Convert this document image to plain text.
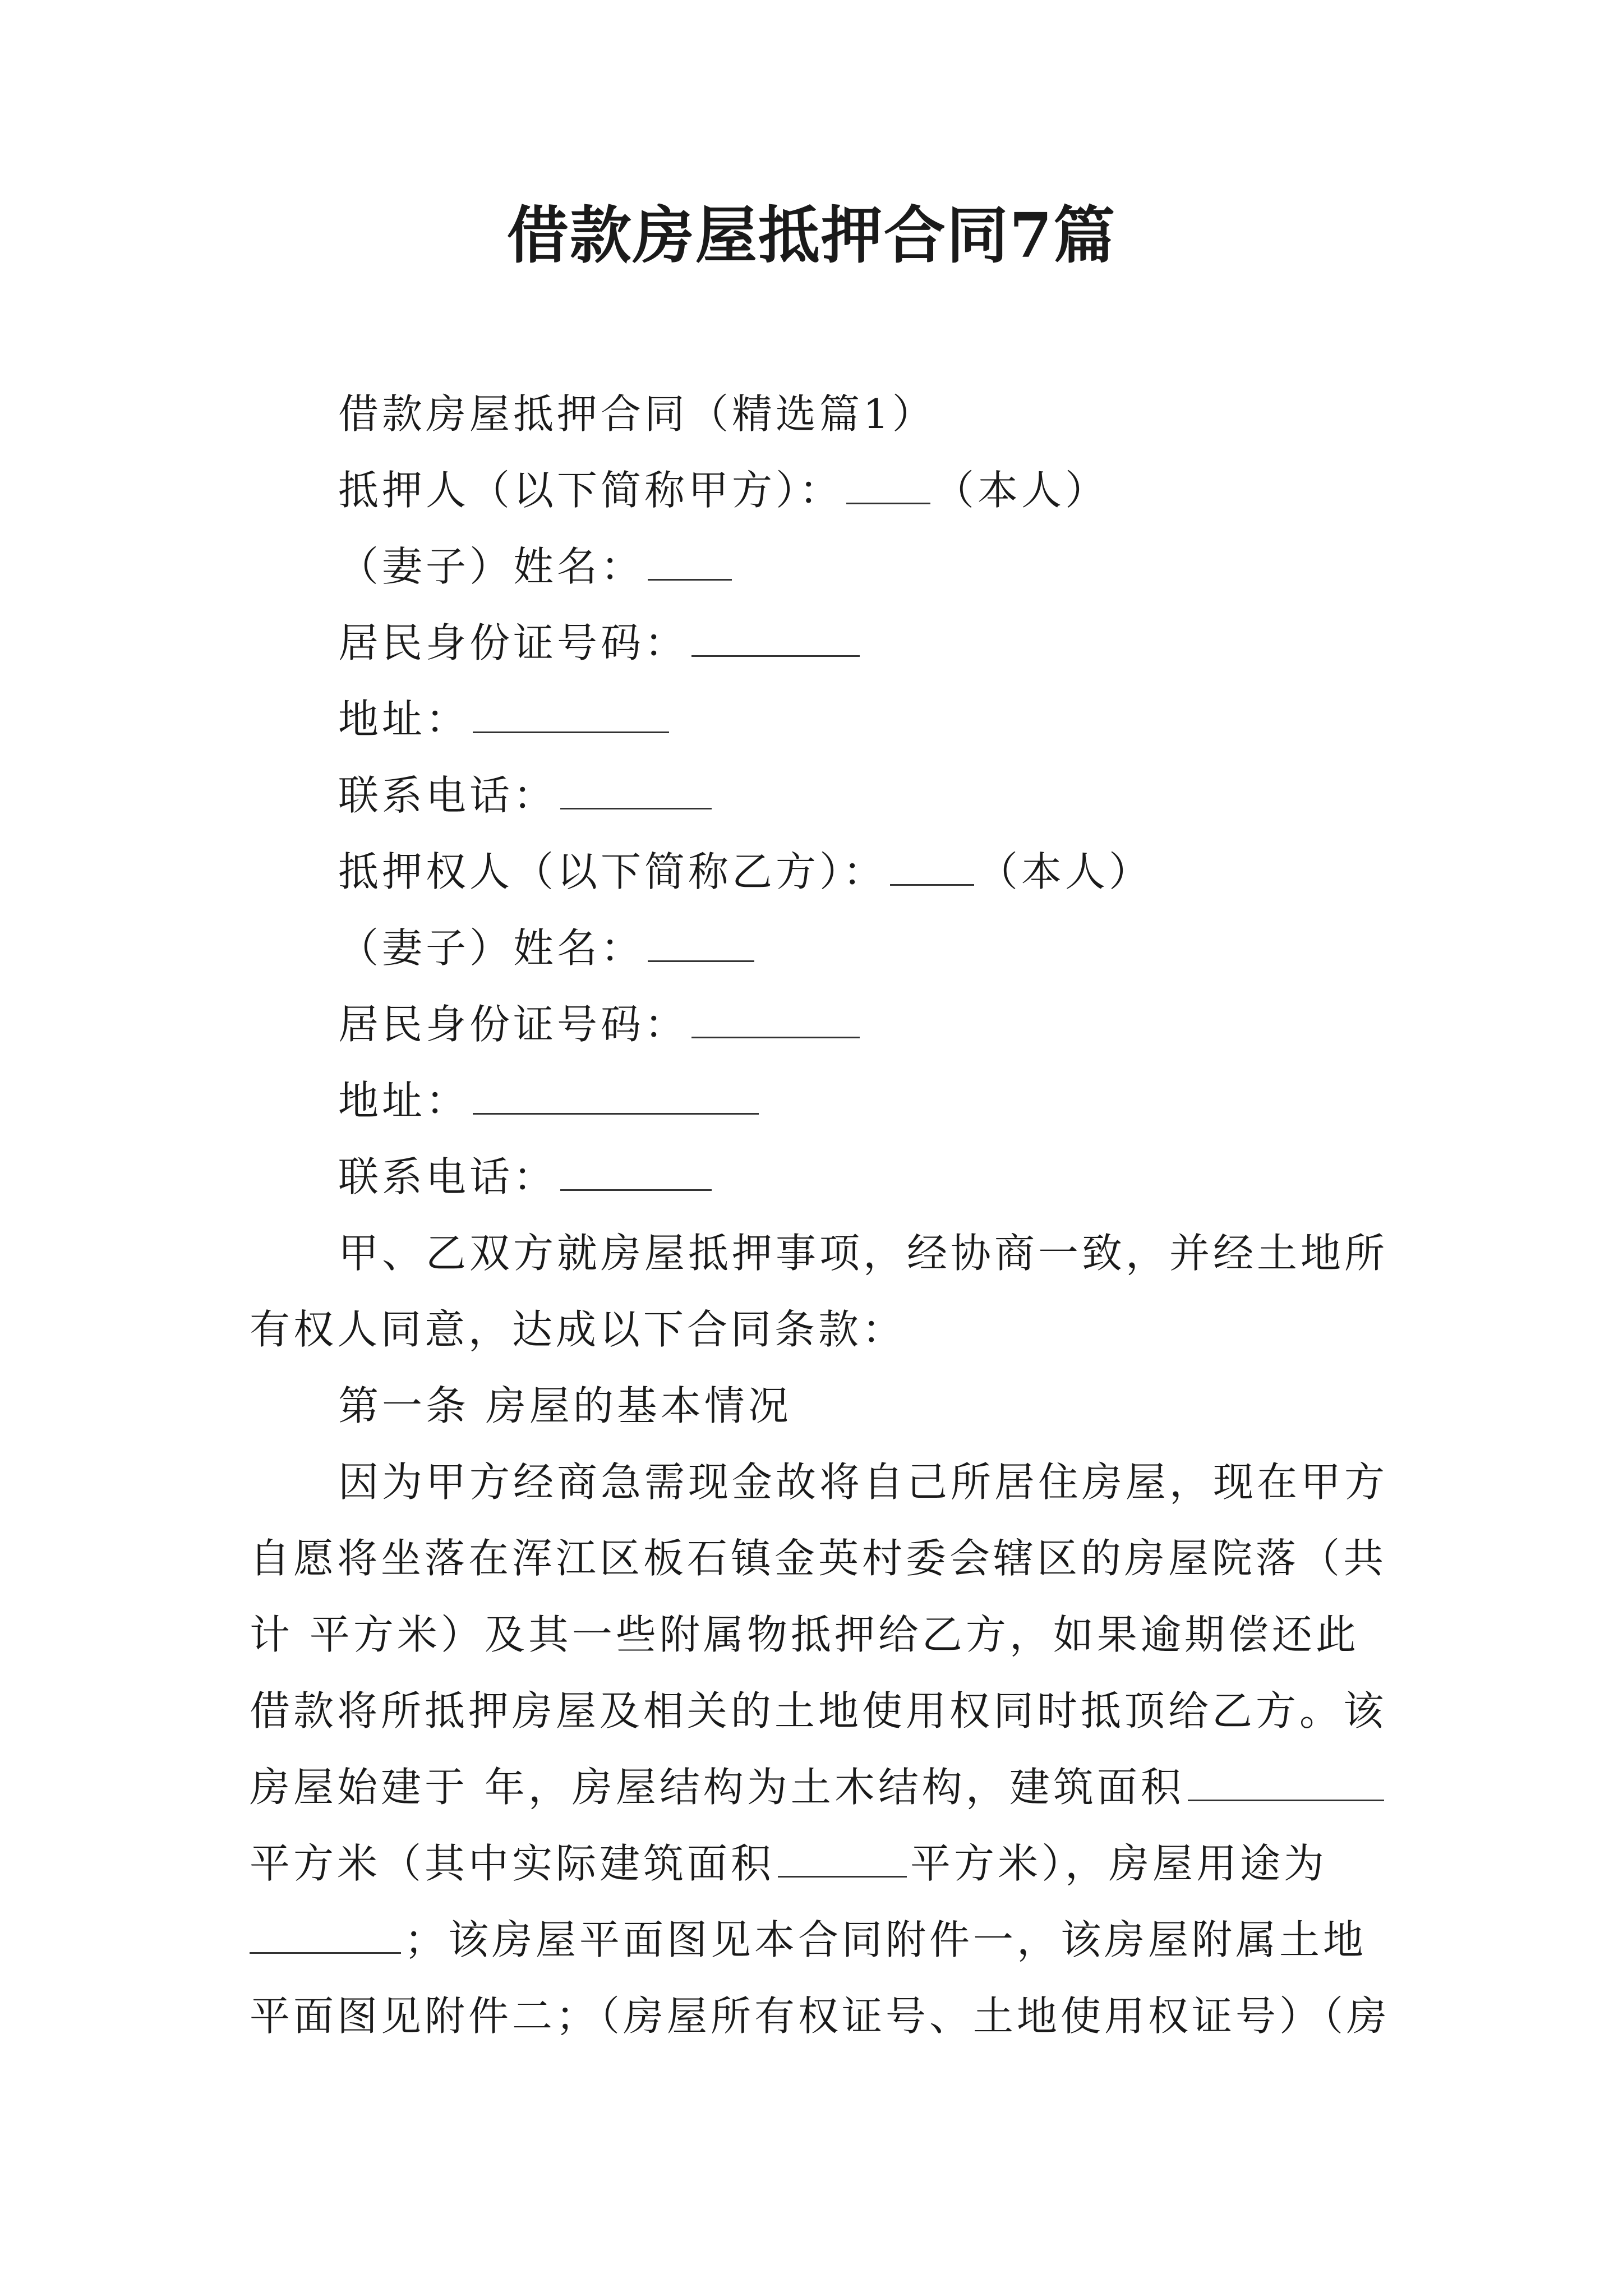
借款房屋抵押合同7篇

借款房屋抵押合同（精选篇1）

抵押人（以下简称甲方）： （本人）

（妻子）姓名：

居民身份证号码：

地址：

联系电话：

抵押权人（以下简称乙方）： （本人）

（妻子）姓名：

居民身份证号码：

地址：

联系电话：

甲、乙双方就房屋抵押事项，经协商一致，并经土地所

有权人同意，达成以下合同条款：

第一条 房屋的基本情况

因为甲方经商急需现金故将自己所居住房屋，现在甲方

自愿将坐落在浑江区板石镇金英村委会辖区的房屋院落（共

计 平方米）及其一些附属物抵押给乙方，如果逾期偿还此

借款将所抵押房屋及相关的土地使用权同时抵顶给乙方。该

房屋始建于 年，房屋结构为土木结构，建筑面积

平方米（其中实际建筑面积	平方米），房屋用途为

；该房屋平面图见本合同附件一，该房屋附属土地

平面图见附件二；（房屋所有权证号、土地使用权证号）（房
